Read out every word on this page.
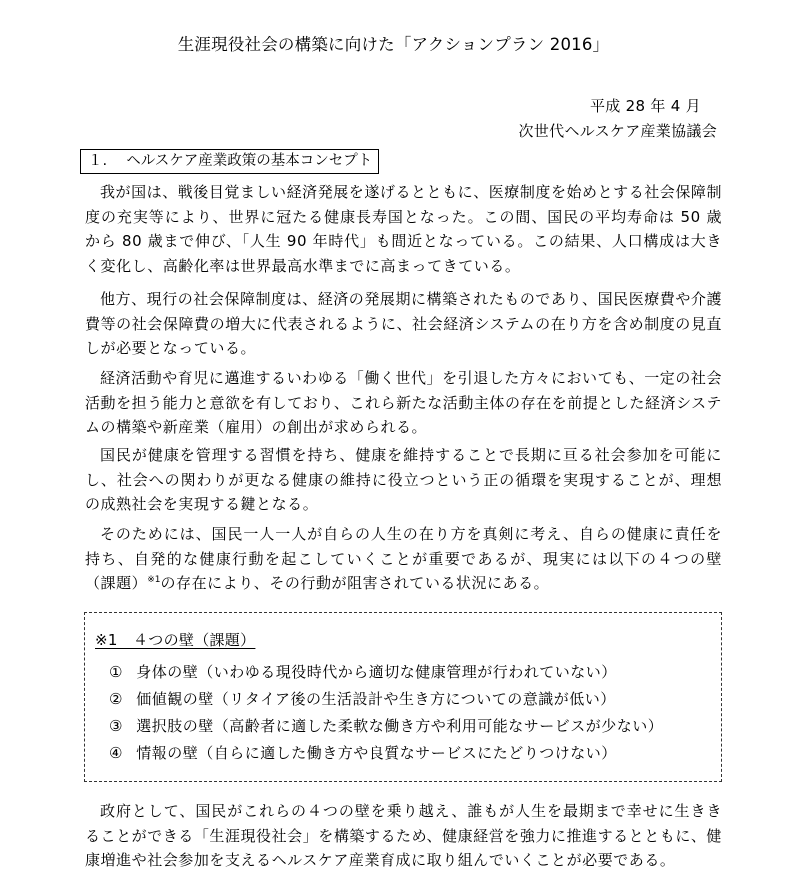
生涯現役社会の構築に向けた「アクションプラン 2016」
平成 28 年 4 月
次世代ヘルスケア産業協議会
１.　 ヘルスケア産業政策の基本コンセプト

我が国は、戦後目覚ましい経済発展を遂げるとともに、医療制度を始めとする社会保障制度の充実等により、世界に冠たる健康長寿国となった。この間、国民の平均寿命は 50 歳から 80 歳まで伸び、「人生 90 年時代」も間近となっている。この結果、人口構成は大きく変化し、高齢化率は世界最高水準までに高まってきている。

他方、現行の社会保障制度は、経済の発展期に構築されたものであり、国民医療費や介護費等の社会保障費の増大に代表されるように、社会経済システムの在り方を含め制度の見直しが必要となっている。

経済活動や育児に邁進するいわゆる「働く世代」を引退した方々においても、一定の社会活動を担う能力と意欲を有しており、これら新たな活動主体の存在を前提とした経済システムの構築や新産業（雇用）の創出が求められる。

国民が健康を管理する習慣を持ち、健康を維持することで長期に亘る社会参加を可能にし、社会への関わりが更なる健康の維持に役立つという正の循環を実現することが、理想の成熟社会を実現する鍵となる。

そのためには、国民一人一人が自らの人生の在り方を真剣に考え、自らの健康に責任を持ち、自発的な健康行動を起こしていくことが重要であるが、現実には以下の４つの壁（課題）$^{※1}$の存在により、その行動が阻害されている状況にある。

※1　４つの壁（課題）
① 身体の壁（いわゆる現役時代から適切な健康管理が行われていない）
② 価値観の壁（リタイア後の生活設計や生き方についての意識が低い）
③ 選択肢の壁（高齢者に適した柔軟な働き方や利用可能なサービスが少ない）
④ 情報の壁（自らに適した働き方や良質なサービスにたどりつけない）

政府として、国民がこれらの４つの壁を乗り越え、誰もが人生を最期まで幸せに生ききることができる「生涯現役社会」を構築するため、健康経営を強力に推進するとともに、健康増進や社会参加を支えるヘルスケア産業育成に取り組んでいくことが必要である。
